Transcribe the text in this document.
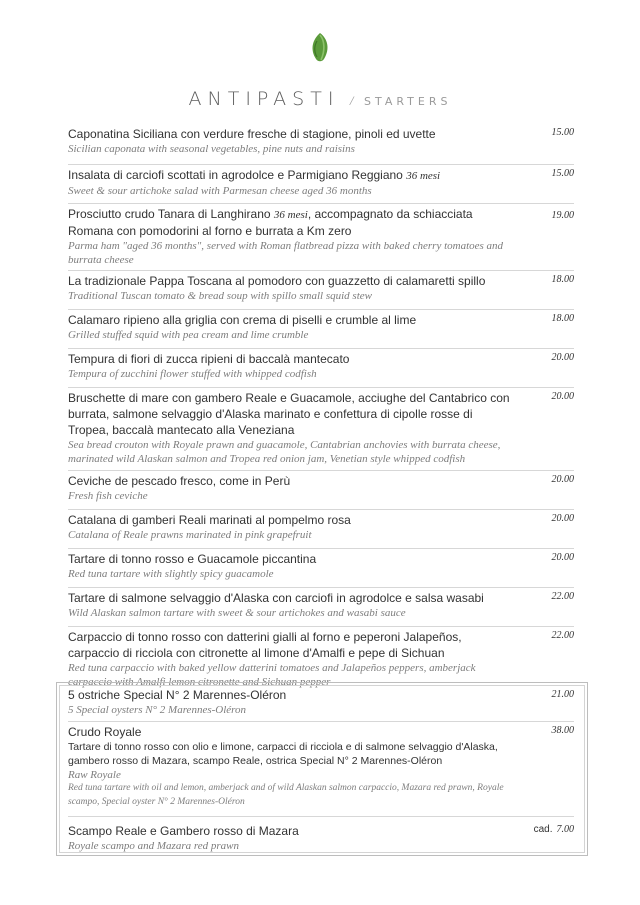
ANTIPASTI / STARTERS
Caponatina Siciliana con verdure fresche di stagione, pinoli ed uvette
Sicilian caponata with seasonal vegetables, pine nuts and raisins
15.00
Insalata di carciofi scottati in agrodolce e Parmigiano Reggiano 36 mesi
Sweet & sour artichoke salad with Parmesan cheese aged 36 months
15.00
Prosciutto crudo Tanara di Langhirano 36 mesi, accompagnato da schiacciata Romana con pomodorini al forno e burrata a Km zero
Parma ham "aged 36 months", served with Roman flatbread pizza with baked cherry tomatoes and burrata cheese
19.00
La tradizionale Pappa Toscana al pomodoro con guazzetto di calamaretti spillo
Traditional Tuscan tomato & bread soup with spillo small squid stew
18.00
Calamaro ripieno alla griglia con crema di piselli e crumble al lime
Grilled stuffed squid with pea cream and lime crumble
18.00
Tempura di fiori di zucca ripieni di baccalà mantecato
Tempura of zucchini flower stuffed with whipped codfish
20.00
Bruschette di mare con gambero Reale e Guacamole, acciughe del Cantabrico con burrata, salmone selvaggio d'Alaska marinato e confettura di cipolle rosse di Tropea, baccalà mantecato alla Veneziana
Sea bread crouton with Royale prawn and guacamole, Cantabrian anchovies with burrata cheese, marinated wild Alaskan salmon and Tropea red onion jam, Venetian style whipped codfish
20.00
Ceviche de pescado fresco, come in Perù
Fresh fish ceviche
20.00
Catalana di gamberi Reali marinati al pompelmo rosa
Catalana of Reale prawns marinated in pink grapefruit
20.00
Tartare di tonno rosso e Guacamole piccantina
Red tuna tartare with slightly spicy guacamole
20.00
Tartare di salmone selvaggio d'Alaska con carciofi in agrodolce e salsa wasabi
Wild Alaskan salmon tartare with sweet & sour artichokes and wasabi sauce
22.00
Carpaccio di tonno rosso con datterini gialli al forno e peperoni Jalapeños, carpaccio di ricciola con citronette al limone d'Amalfi e pepe di Sichuan
Red tuna carpaccio with baked yellow datterini tomatoes and Jalapeños peppers, amberjack carpaccio with Amalfi lemon citronette and Sichuan pepper
22.00
5 ostriche Special N° 2 Marennes-Oléron
5 Special oysters N° 2 Marennes-Oléron
21.00
Crudo Royale
Tartare di tonno rosso con olio e limone, carpacci di ricciola e di salmone selvaggio d'Alaska, gambero rosso di Mazara, scampo Reale, ostrica Special N° 2 Marennes-Oléron
Raw Royale
Red tuna tartare with oil and lemon, amberjack and of wild Alaskan salmon carpaccio, Mazara red prawn, Royale scampo, Special oyster N° 2 Marennes-Oléron
38.00
Scampo Reale e Gambero rosso di Mazara
Royale scampo and Mazara red prawn
cad. 7.00
